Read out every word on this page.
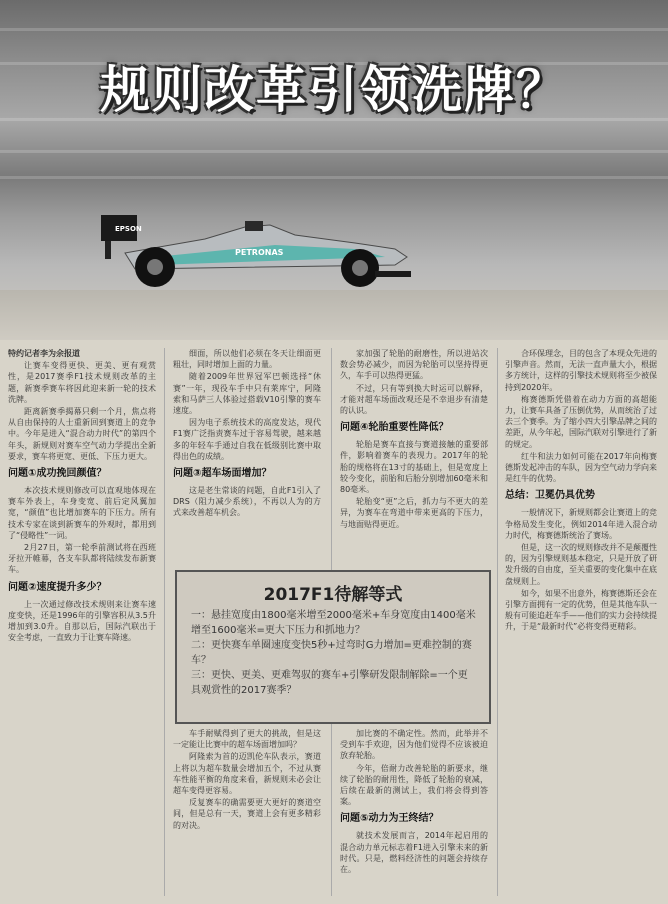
规则改革引领洗牌？
EPSON
PETRONAS

特约记者李为余报道

让赛车变得更快、更美、更有观赏性，是2017赛季F1技术规则改革的主题，新赛季赛车将因此迎来新一轮的技术洗牌。

距离新赛季揭幕只剩一个月，焦点将从自由保持的人士重新回到赛道上的竞争中。今年是进入“混合动力时代”的第四个年头，新规则对赛车空气动力学提出全新要求，赛车将更宽、更低、下压力更大。

问题①成功挽回颜值？

本次技术规则修改可以直观地体现在赛车外表上，车身变宽、前后定风翼加宽，“颜值”也比增加赛车的下压力。所有技术专家在谈到新赛车的外观时，都用到了“侵略性”一词。

2月27日，第一轮季前测试将在西班牙拉开帷幕，各支车队都将陆续发布新赛车。

问题②速度提升多少？

上一次通过修改技术规则来让赛车速度变快，还是1996年的引擎容积从3.5升增加到3.0升。自那以后，国际汽联出于安全考虑，一直致力于让赛车降速。

细面，所以他们必须在冬天让细面更粗壮，同时增加上面的力量。

随着2009年世界冠军巴顿选择“休赛”一年，现役车手中只有莱库宁，阿隆索和马萨三人体验过搭载V10引擎的赛车速度。

因为电子系统技术的高度发达，现代F1赛广泛指责赛车过于容易驾驶，越来越多的年轻车手通过自我在低级别比赛中取得出色的成绩。

问题③超车场面增加？

这是老生常谈的问题，自此F1引入了DRS（阻力减少系统），不再以人为的方式来改善超车机会。

车手耐赋得到了更大的挑战，但是这一定能让比赛中的超车场面增加吗？

阿隆索为首的迈凯伦车队表示，赛道上将以为超车数量会增加五个，不过从赛车性能平衡的角度来看，新规则未必会让超车变得更容易。

反复赛车的确需要更大更好的赛道空间，但是总有一天，赛道上会有更多精彩的对决。

家加强了轮胎的耐磨性，所以进站次数会势必减少，而因为轮胎可以坚持得更久，车手可以热得更猛。

不过，只有等到换大时运可以解释，才能对超车场面改观还是不幸退步有清楚的认识。

问题④轮胎重要性降低？

轮胎是赛车直接与赛道接触的重要部件，影响着赛车的表现力。2017年的轮胎的规格将在13寸的基础上，但是宽度上较今变化，前胎和后胎分别增加60毫米和80毫米。

轮胎变“更”之后，抓力与不更大的差异，为赛车在弯道中带来更高的下压力，与地面贴得更近。

加比赛的不确定性。然而，此举并不受到车手欢迎，因为他们觉得不应该被迫放弃轮胎。

今年，倍耐力改善轮胎的新要求，继续了轮胎的耐用性，降低了轮胎的衰减，后续在最新的测试上，我们将会得到答案。

问题⑤动力为王终结？

就技术发展而言，2014年起启用的混合动力单元标志着F1进入引擎未来的新时代。只是，燃料经济性的问题会持续存在。

合环保理念，目的包含了本现众先进的引擎声音。然而，无法一直声量大小，根据多方统计，这样的引擎技术规则将至少被保持到2020年。

梅赛德斯凭借着在动力方面的高超能力，让赛车具备了压倒优势，从而统治了过去三个赛季。为了缩小四大引擎品牌之间的差距，从今年起，国际汽联对引擎进行了新的规定。

红牛和法力如何可能在2017年向梅赛德斯发起冲击的车队，因为空气动力学向来是红牛的优势。

总结：卫冕仍具优势

一般情况下，新规则都会让赛道上的竞争格局发生变化，例如2014年进入混合动力时代，梅赛德斯统治了赛场。

但是，这一次的规则修改并不是颠覆性的，因为引擎规则基本稳定，只是开放了研发升级的自由度，至关重要的变化集中在底盘规则上。

如今，如果不出意外，梅赛德斯还会在引擎方面拥有一定的优势，但是其他车队一般有可能追赶车手——他们的实力会持续提升，于是“最新时代”必将变得更精彩。

2017F1待解等式
一：悬挂宽度由1800毫米增至2000毫米+车身宽度由1400毫米增至1600毫米=更大下压力和抓地力？
二：更快赛车单圈速度变快5秒+过弯时G力增加=更难控制的赛车？
三：更快、更美、更难驾驭的赛车+引擎研发限制解除=一个更具观赏性的2017赛季？
